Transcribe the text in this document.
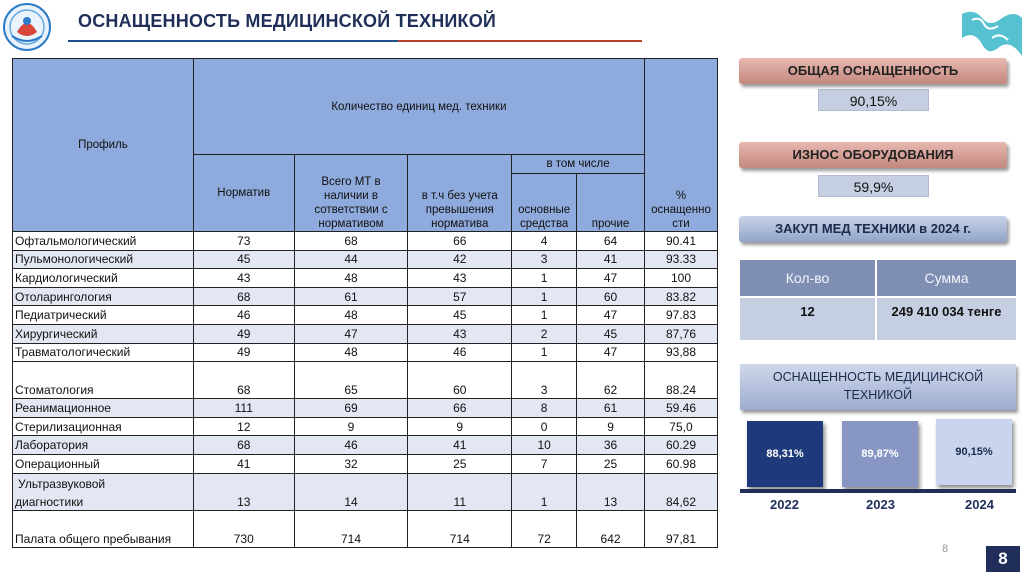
ОСНАЩЕННОСТЬ МЕДИЦИНСКОЙ ТЕХНИКОЙ
Профиль	Количество единиц мед. техники					% оснащенно сти
	Норматив	Всего МТ в наличии в сответствии с нормативом	в т.ч без учета превышения норматива	в том числе		
				основные средства	прочие	
Офтальмологический	73	68	66	4	64	90.41
Пульмонологический	45	44	42	3	41	93.33
Кардиологический	43	48	43	1	47	100
Отоларингология	68	61	57	1	60	83.82
Педиатрический	46	48	45	1	47	97.83
Хирургический	49	47	43	2	45	87,76
Травматологический	49	48	46	1	47	93,88
Стоматология	68	65	60	3	62	88.24
Реанимационное	111	69	66	8	61	59.46
Стерилизационная	12	9	9	0	9	75,0
Лаборатория	68	46	41	10	36	60.29
Операционный	41	32	25	7	25	60.98

Ультразвуковой
диагностики	13	14	11	1	13	84,62
Палата общего пребывания	730	714	714	72	642	97,81
ОБЩАЯ ОСНАЩЕННОСТЬ
90,15%
ИЗНОС ОБОРУДОВАНИЯ
59,9%
ЗАКУП МЕД ТЕХНИКИ в 2024 г.
Кол-во	Сумма
12	249 410 034 тенге
ОСНАЩЕННОСТЬ МЕДИЦИНСКОЙ
ТЕХНИКОЙ
88,31%
2022
89,87%
2023
90,15%
2024
8	8
